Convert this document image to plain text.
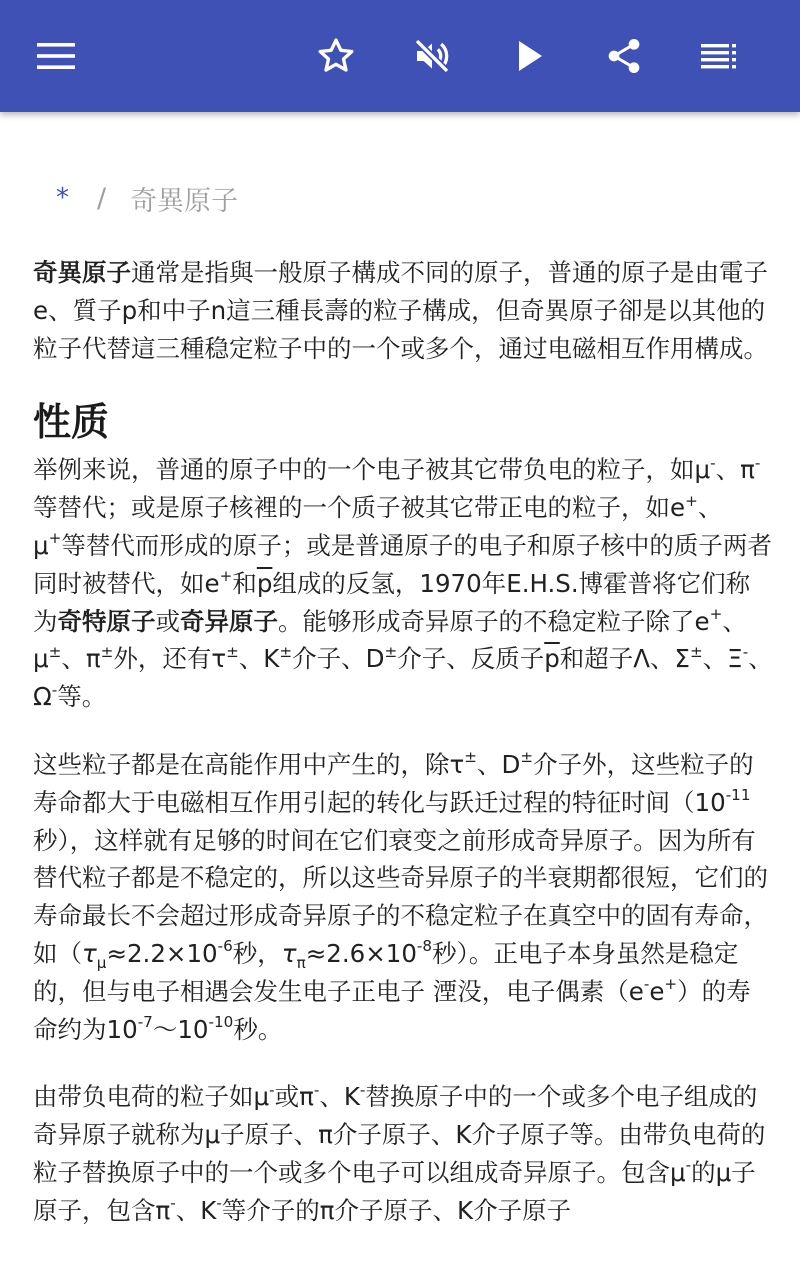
* / 奇異原子

奇異原子通常是指與一般原子構成不同的原子，普通的原子是由電子e、質子p和中子n這三種長壽的粒子構成，但奇異原子卻是以其他的粒子代替這三種稳定粒子中的一个或多个，通过电磁相互作用構成。

性质

举例来说，普通的原子中的一个电子被其它带负电的粒子，如μ-、π-等替代；或是原子核裡的一个质子被其它带正电的粒子，如e+、μ+等替代而形成的原子；或是普通原子的电子和原子核中的质子两者同时被替代，如e+和$\overline{p}$组成的反氢，1970年E.H.S.博霍普将它们称为奇特原子或奇异原子。能够形成奇异原子的不稳定粒子除了e+、μ±、π±外，还有τ±、K±介子、D±介子、反质子$\overline{p}$和超子Λ、Σ±、Ξ-、Ω-等。

这些粒子都是在高能作用中产生的，除τ±、D±介子外，这些粒子的寿命都大于电磁相互作用引起的转化与跃迁过程的特征时间（$10^{-11}$秒），这样就有足够的时间在它们衰变之前形成奇异原子。因为所有替代粒子都是不稳定的，所以这些奇异原子的半衰期都很短，它们的寿命最长不会超过形成奇异原子的不稳定粒子在真空中的固有寿命，如（$\tau_\mu\approx 2.2\times 10^{-6}$秒，$\tau_\pi\approx 2.6\times 10^{-8}$秒）。正电子本身虽然是稳定的，但与电子相遇会发生电子正电子 湮没，电子偶素（e-e+）的寿命约为$10^{-7}\sim 10^{-10}$秒。

由带负电荷的粒子如μ-或π-、K-替换原子中的一个或多个电子组成的奇异原子就称为μ子原子、π介子原子、K介子原子等。由带负电荷的粒子替换原子中的一个或多个电子可以组成奇异原子。包含μ-的μ子原子，包含π-、K-等介子的π介子原子、K介子原子
